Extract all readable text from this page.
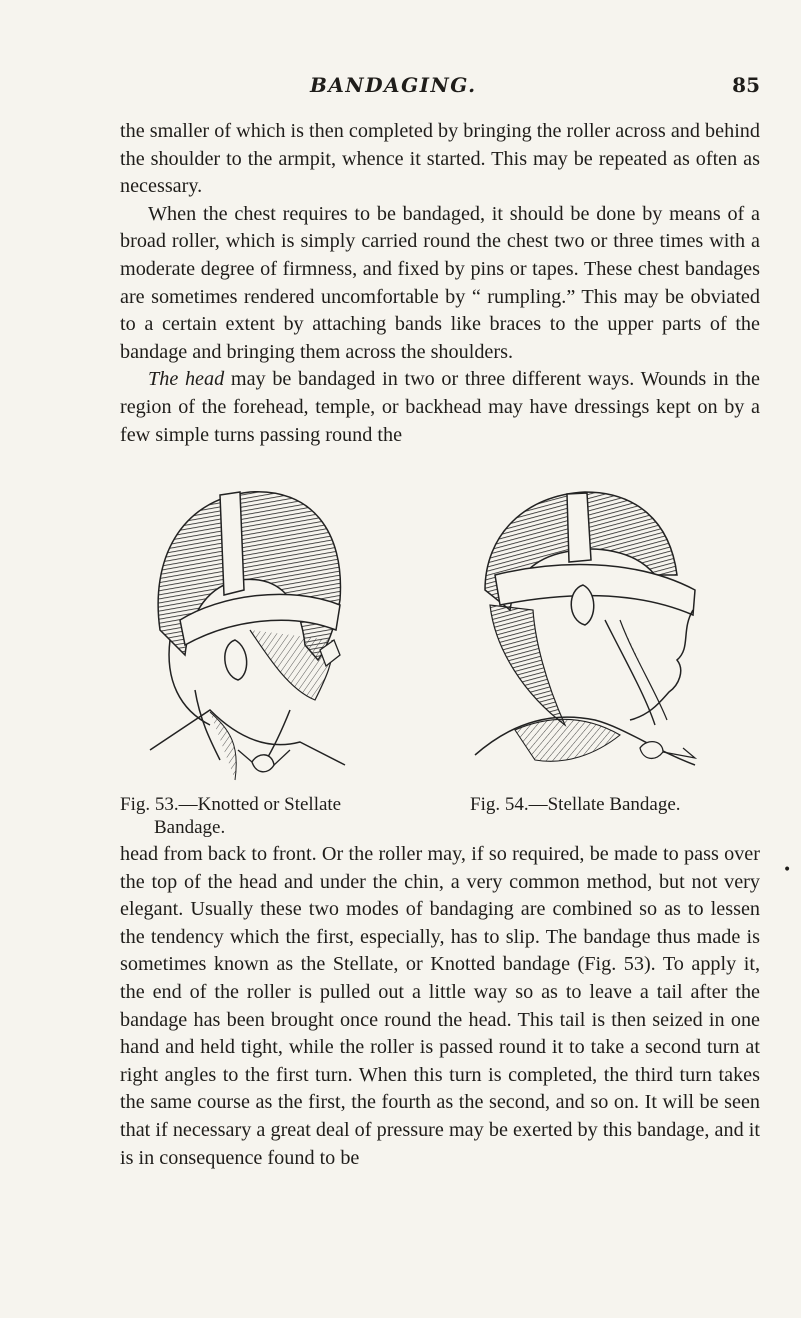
BANDAGING.	85

the smaller of which is then completed by bringing the roller across and behind the shoulder to the armpit, whence it started. This may be repeated as often as necessary.

When the chest requires to be bandaged, it should be done by means of a broad roller, which is simply carried round the chest two or three times with a moderate degree of firmness, and fixed by pins or tapes. These chest bandages are sometimes rendered uncomfortable by “ rumpling.” This may be obviated to a certain extent by attaching bands like braces to the upper parts of the bandage and bringing them across the shoulders.

The head may be bandaged in two or three different ways. Wounds in the region of the forehead, temple, or backhead may have dressings kept on by a few simple turns passing round the

Fig. 53.—Knotted or Stellate
Bandage.
Fig. 54.—Stellate Bandage.
•

head from back to front. Or the roller may, if so required, be made to pass over the top of the head and under the chin, a very common method, but not very elegant. Usually these two modes of bandaging are combined so as to lessen the tendency which the first, especially, has to slip. The bandage thus made is sometimes known as the Stellate, or Knotted bandage (Fig. 53). To apply it, the end of the roller is pulled out a little way so as to leave a tail after the bandage has been brought once round the head. This tail is then seized in one hand and held tight, while the roller is passed round it to take a second turn at right angles to the first turn. When this turn is completed, the third turn takes the same course as the first, the fourth as the second, and so on. It will be seen that if necessary a great deal of pressure may be exerted by this bandage, and it is in consequence found to be
